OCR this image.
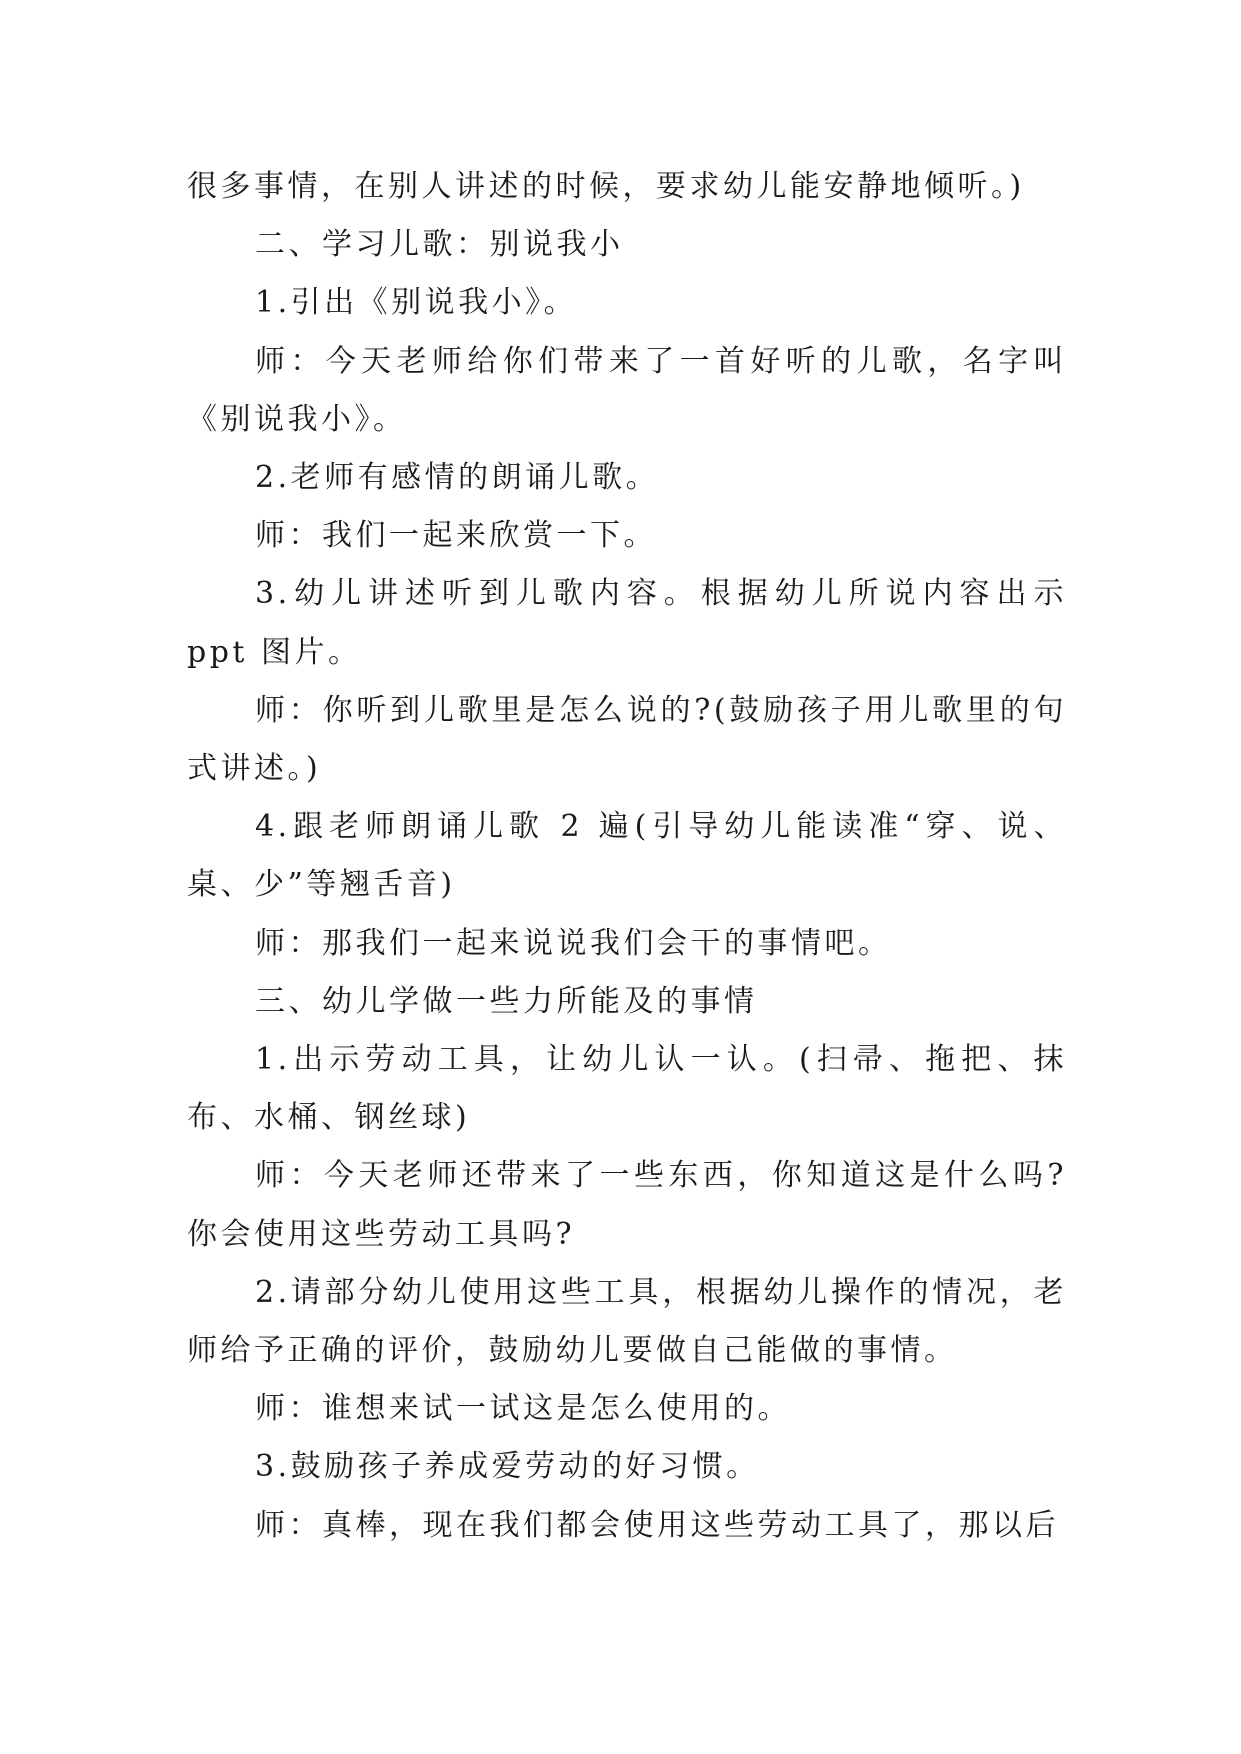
很多事情，在别人讲述的时候，要求幼儿能安静地倾听。)

二、学习儿歌：别说我小

1.引出《别说我小》。

师：今天老师给你们带来了一首好听的儿歌，名字叫《别说我小》。

2.老师有感情的朗诵儿歌。

师：我们一起来欣赏一下。

3.幼儿讲述听到儿歌内容。根据幼儿所说内容出示 ppt 图片。

师：你听到儿歌里是怎么说的?(鼓励孩子用儿歌里的句式讲述。)

4.跟老师朗诵儿歌 2 遍(引导幼儿能读准“穿、说、桌、少”等翘舌音)

师：那我们一起来说说我们会干的事情吧。

三、幼儿学做一些力所能及的事情

1.出示劳动工具，让幼儿认一认。(扫帚、拖把、抹布、水桶、钢丝球)

师：今天老师还带来了一些东西，你知道这是什么吗?你会使用这些劳动工具吗?

2.请部分幼儿使用这些工具，根据幼儿操作的情况，老师给予正确的评价，鼓励幼儿要做自己能做的事情。

师：谁想来试一试这是怎么使用的。

3.鼓励孩子养成爱劳动的好习惯。

师：真棒，现在我们都会使用这些劳动工具了，那以后
